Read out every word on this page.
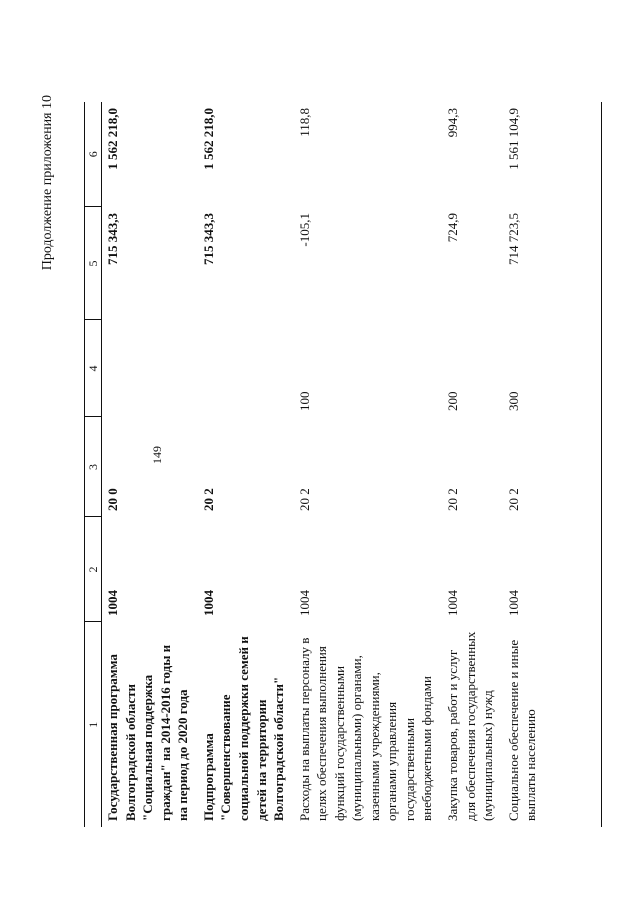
149
Продолжение приложения 10
1	2	3	4	5	6
Государственная программа Волгоградской области "Социальная поддержка граждан" на 2014-2016 годы и на период до 2020 года	1004	20 0		715 343,3	1 562 218,0
Подпрограмма "Совершенствование социальной поддержки семей и детей на территории Волгоградской области"	1004	20 2		715 343,3	1 562 218,0
Расходы на выплаты персоналу в целях обеспечения выполнения функций государственными (муниципальными) органами, казенными учреждениями, органами управления государственными внебюджетными фондами	1004	20 2	100	-105,1	118,8
Закупка товаров, работ и услуг для обеспечения государственных (муниципальных) нужд	1004	20 2	200	724,9	994,3
Социальное обеспечение и иные выплаты населению	1004	20 2	300	714 723,5	1 561 104,9
